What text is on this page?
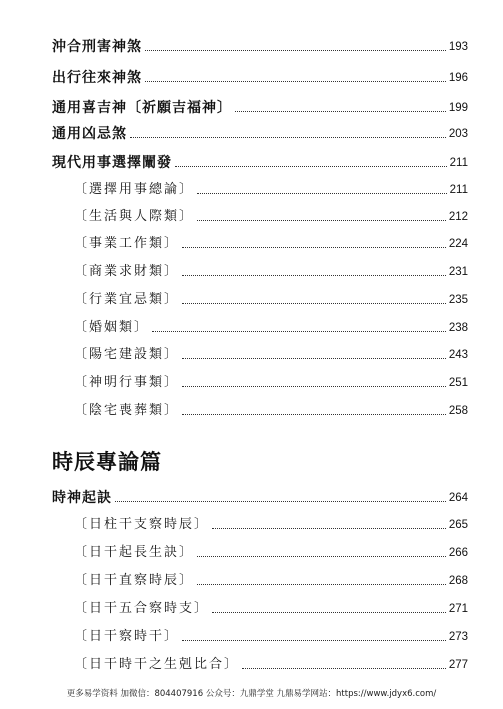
沖合刑害神煞	193
出行往來神煞	196
通用喜吉神〔祈願吉福神〕	199
通用凶忌煞	203
現代用事選擇闡發	211
〔選擇用事總論〕	211
〔生活與人際類〕	212
〔事業工作類〕	224
〔商業求財類〕	231
〔行業宜忌類〕	235
〔婚姻類〕	238
〔陽宅建設類〕	243
〔神明行事類〕	251
〔陰宅喪葬類〕	258
時辰專論篇
時神起訣	264
〔日柱干支察時辰〕	265
〔日干起長生訣〕	266
〔日干直察時辰〕	268
〔日干五合察時支〕	271
〔日干察時干〕	273
〔日干時干之生剋比合〕	277
更多易学资料 加微信：804407916 公众号：九鼎学堂 九鼎易学网站：https://www.jdyx6.com/
